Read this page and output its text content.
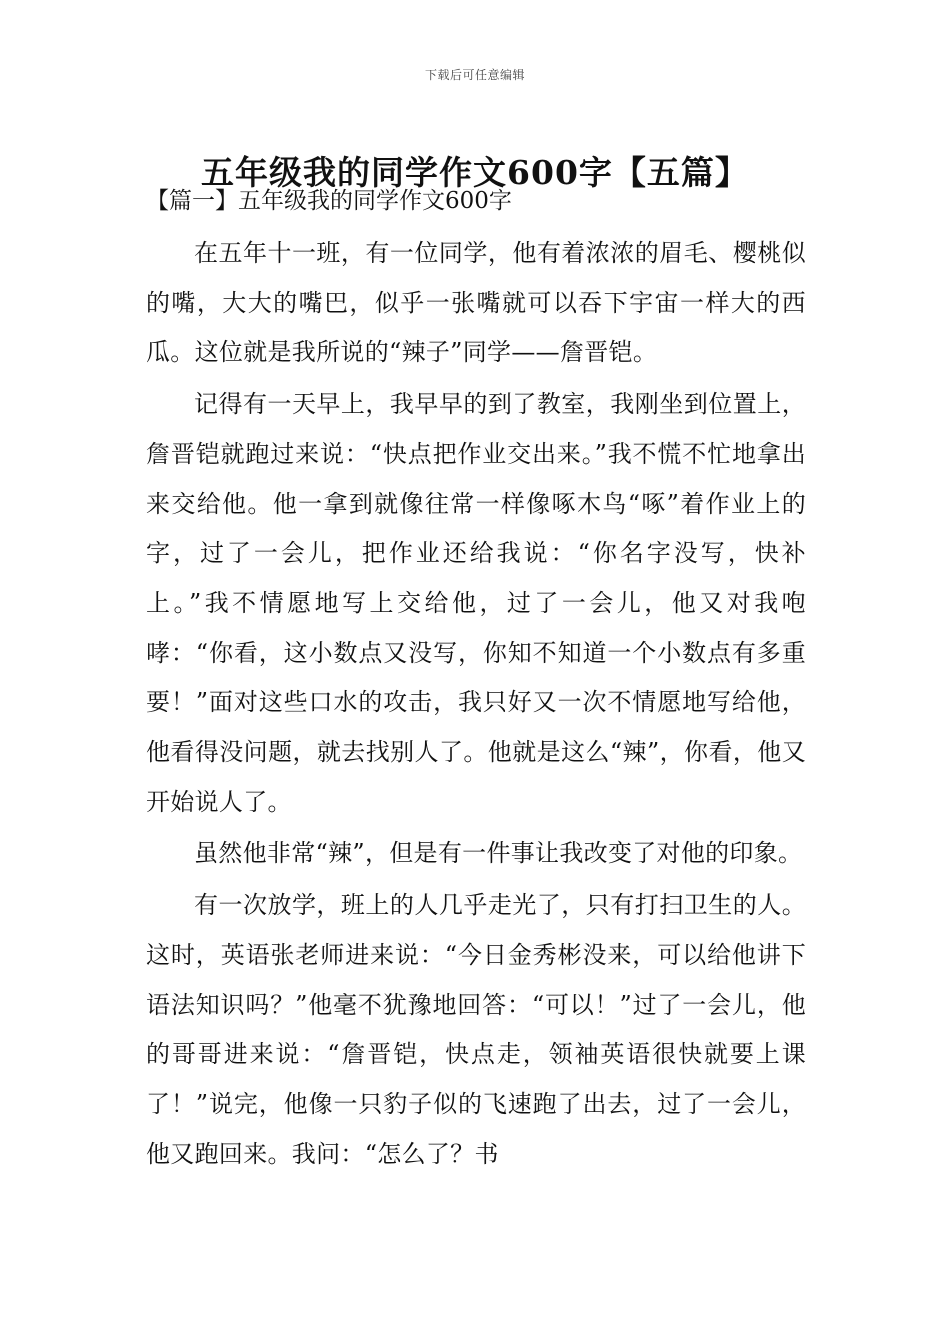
下载后可任意编辑
五年级我的同学作文600字【五篇】

【篇一】五年级我的同学作文600字

在五年十一班，有一位同学，他有着浓浓的眉毛、樱桃似的嘴，大大的嘴巴，似乎一张嘴就可以吞下宇宙一样大的西瓜。这位就是我所说的“辣子”同学——詹晋铠。

记得有一天早上，我早早的到了教室，我刚坐到位置上，詹晋铠就跑过来说：“快点把作业交出来。”我不慌不忙地拿出来交给他。他一拿到就像往常一样像啄木鸟“啄”着作业上的字，过了一会儿，把作业还给我说：“你名字没写，快补上。”我不情愿地写上交给他，过了一会儿，他又对我咆哮：“你看，这小数点又没写，你知不知道一个小数点有多重要！”面对这些口水的攻击，我只好又一次不情愿地写给他，他看得没问题，就去找别人了。他就是这么“辣”，你看，他又开始说人了。

虽然他非常“辣”，但是有一件事让我改变了对他的印象。

有一次放学，班上的人几乎走光了，只有打扫卫生的人。这时，英语张老师进来说：“今日金秀彬没来，可以给他讲下语法知识吗？”他毫不犹豫地回答：“可以！”过了一会儿，他的哥哥进来说：“詹晋铠，快点走，领袖英语很快就要上课了！”说完，他像一只豹子似的飞速跑了出去，过了一会儿，他又跑回来。我问：“怎么了？书
